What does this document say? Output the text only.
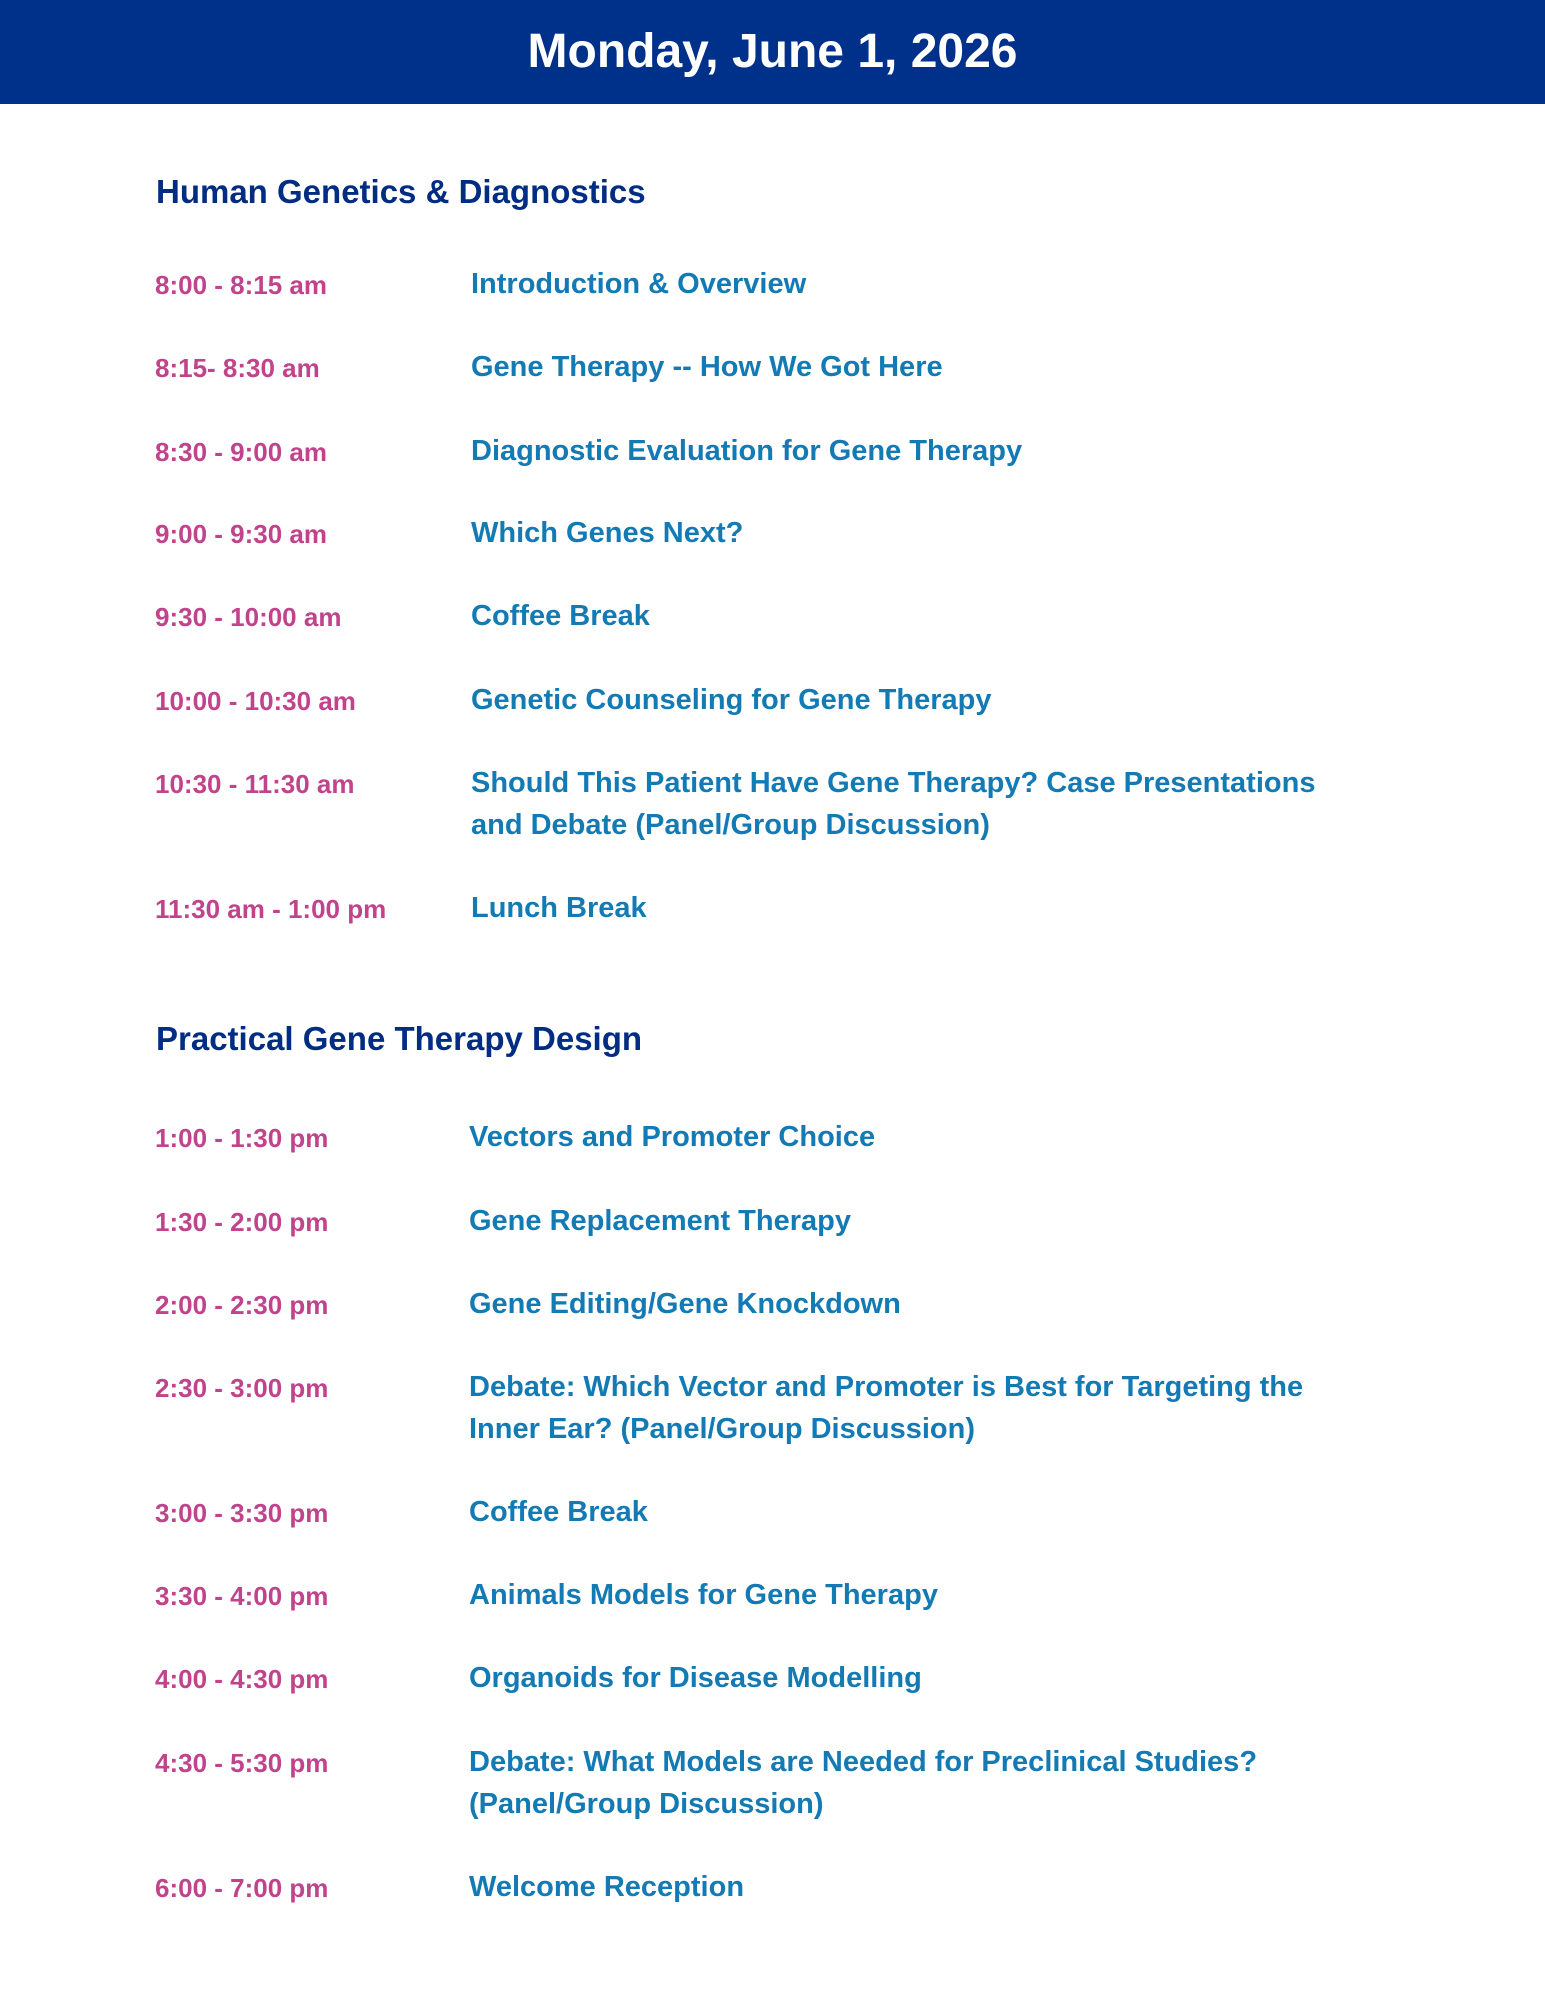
Monday, June 1, 2026
Human Genetics & Diagnostics
8:00 - 8:15 am	Introduction & Overview
8:15- 8:30 am	Gene Therapy -- How We Got Here
8:30 - 9:00 am	Diagnostic Evaluation for Gene Therapy
9:00 - 9:30 am	Which Genes Next?
9:30 - 10:00 am	Coffee Break
10:00 - 10:30 am	Genetic Counseling for Gene Therapy
10:30 - 11:30 am	Should This Patient Have Gene Therapy? Case Presentations and Debate (Panel/Group Discussion)
11:30 am - 1:00 pm	Lunch Break
Practical Gene Therapy Design
1:00 - 1:30 pm	Vectors and Promoter Choice
1:30 - 2:00 pm	Gene Replacement Therapy
2:00 - 2:30 pm	Gene Editing/Gene Knockdown
2:30 - 3:00 pm	Debate: Which Vector and Promoter is Best for Targeting the Inner Ear? (Panel/Group Discussion)
3:00 - 3:30 pm	Coffee Break
3:30 - 4:00 pm	Animals Models for Gene Therapy
4:00 - 4:30 pm	Organoids for Disease Modelling
4:30 - 5:30 pm	Debate: What Models are Needed for Preclinical Studies? (Panel/Group Discussion)
6:00 - 7:00 pm	Welcome Reception
